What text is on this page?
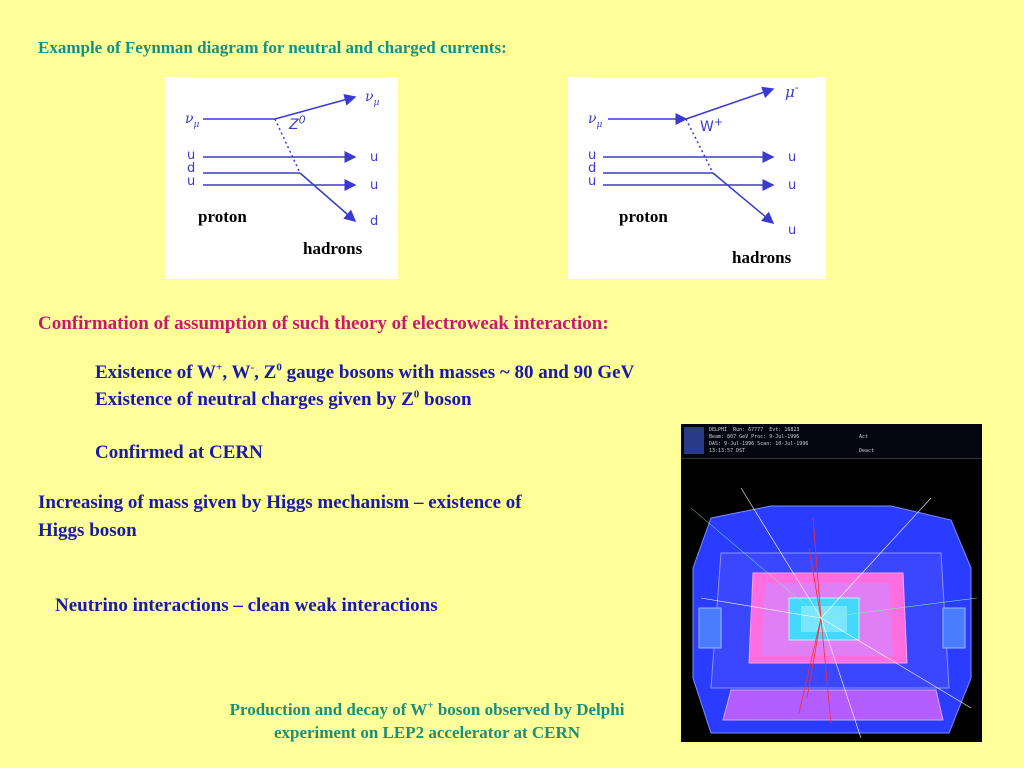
Example of Feynman diagram for neutral and charged currents:
$\nu_\mu$
$\nu_\mu$
$Z^0$
u
d
u
u
u
d
proton
hadrons
$\nu_\mu$
μ-
W+
u
d
u
u
u
u
proton
hadrons
Confirmation of assumption of such theory of electroweak interaction:
Existence of W+, W-, $Z^0$ gauge bosons with masses ~ 80 and 90 GeV
Existence of neutral charges given by $Z^0$ boson
Confirmed at CERN
Increasing of mass given by Higgs mechanism – existence of
Higgs boson
Neutrino interactions – clean weak interactions
Production and decay of W+ boson observed by Delphi
experiment on LEP2 accelerator at CERN
DELPHI Run: 67777 Evt: 16823
Beam: 807 GeV Proc: 9-Jul-1996
DAS: 9-Jul-1996 Scan: 10-Jul-1996
13:13:57 DST
Act
Deact
